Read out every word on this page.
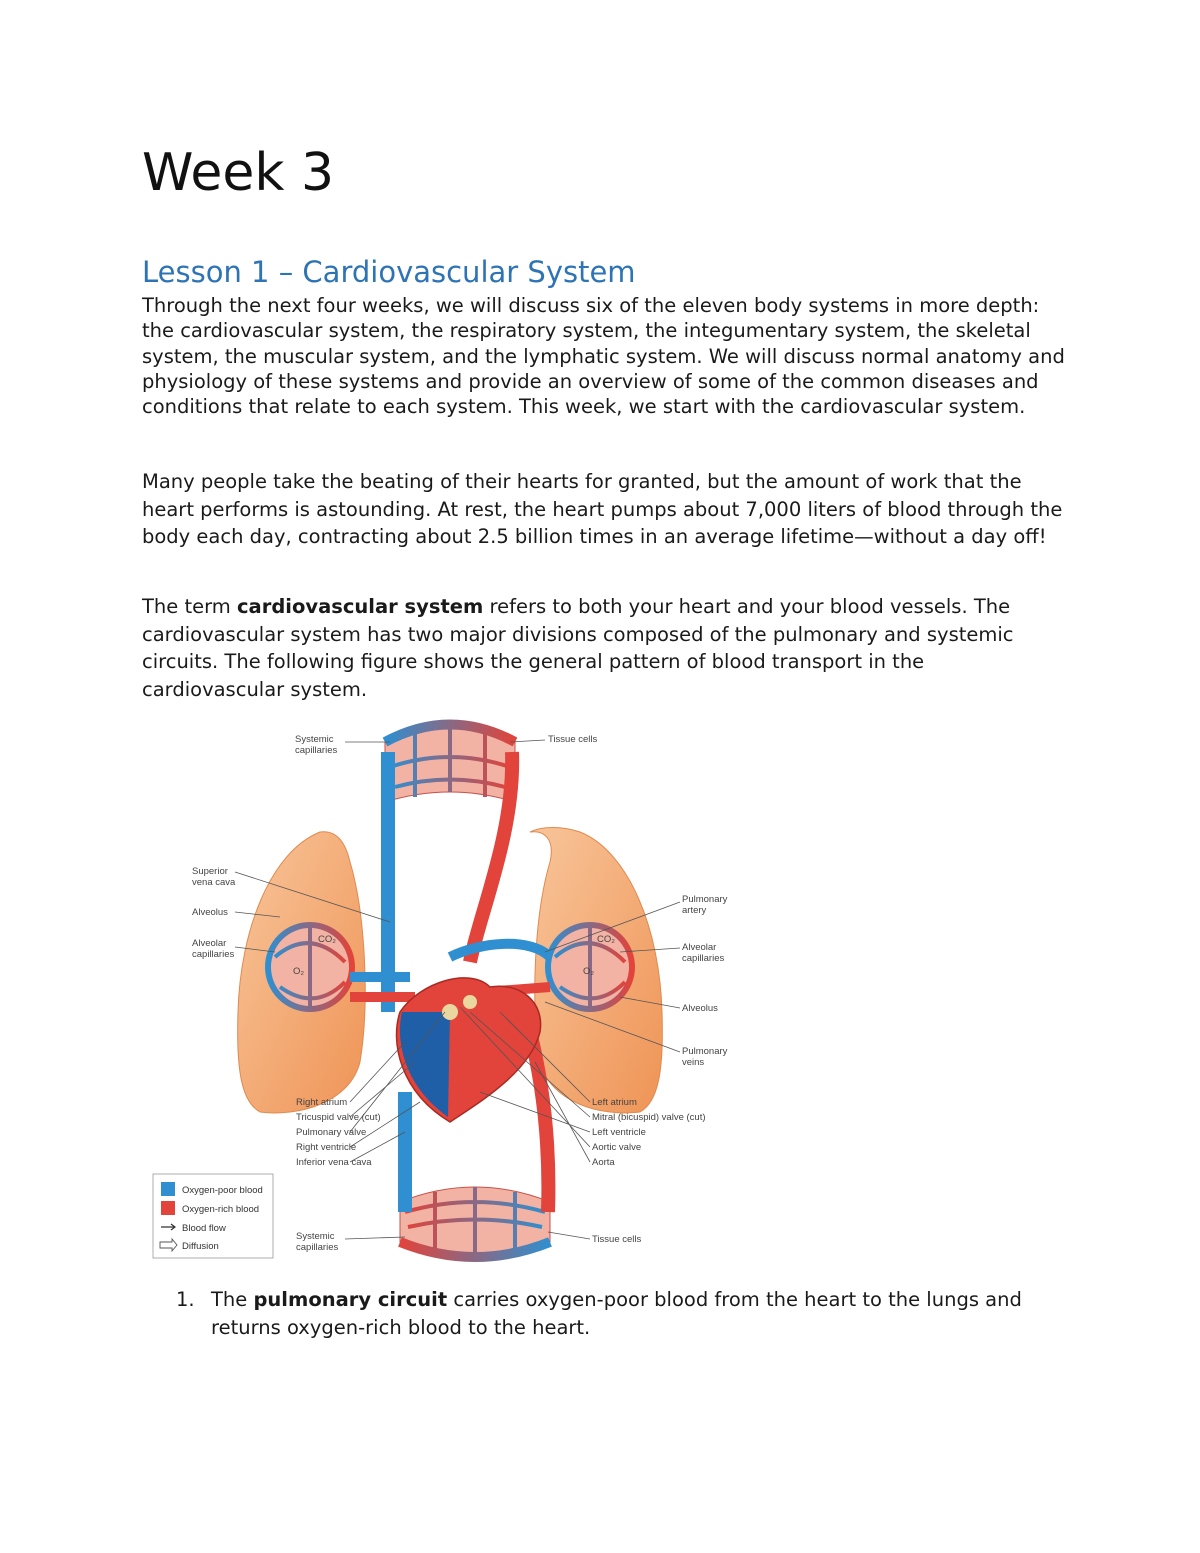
Week 3
Lesson 1 – Cardiovascular System

Through the next four weeks, we will discuss six of the eleven body systems in more depth: the cardiovascular system, the respiratory system, the integumentary system, the skeletal system, the muscular system, and the lymphatic system. We will discuss normal anatomy and physiology of these systems and provide an overview of some of the common diseases and conditions that relate to each system. This week, we start with the cardiovascular system.

Many people take the beating of their hearts for granted, but the amount of work that the heart performs is astounding. At rest, the heart pumps about 7,000 liters of blood through the body each day, contracting about 2.5 billion times in an average lifetime—without a day off!

The term cardiovascular system refers to both your heart and your blood vessels. The cardiovascular system has two major divisions composed of the pulmonary and systemic circuits. The following figure shows the general pattern of blood transport in the cardiovascular system.

O₂
CO₂
O₂
CO₂
Systemic capillaries
Tissue cells
Superior vena cava
Alveolus
Alveolar capillaries
Pulmonary artery
Alveolar capillaries
Alveolus
Pulmonary veins
Right atrium
Tricuspid valve (cut)
Pulmonary valve
Right ventricle
Inferior vena cava
Left atrium
Mitral (bicuspid) valve (cut)
Left ventricle
Aortic valve
Aorta
Systemic capillaries
Tissue cells
Oxygen-poor blood
Oxygen-rich blood
Blood flow
Diffusion
1. The pulmonary circuit carries oxygen-poor blood from the heart to the lungs and returns oxygen-rich blood to the heart.
